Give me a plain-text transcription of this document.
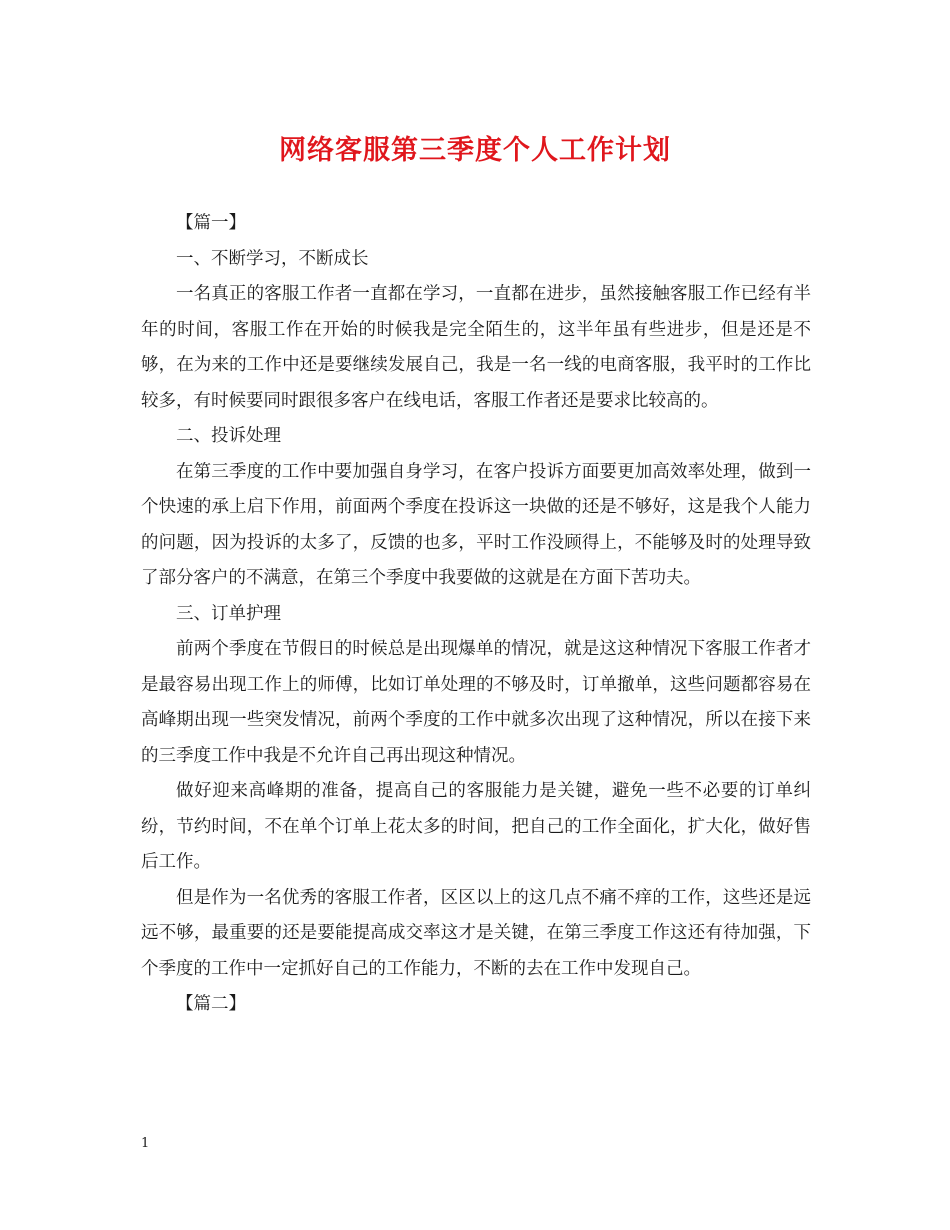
网络客服第三季度个人工作计划

【篇一】

一、不断学习，不断成长

一名真正的客服工作者一直都在学习，一直都在进步，虽然接触客服工作已经有半年的时间，客服工作在开始的时候我是完全陌生的，这半年虽有些进步，但是还是不够，在为来的工作中还是要继续发展自己，我是一名一线的电商客服，我平时的工作比较多，有时候要同时跟很多客户在线电话，客服工作者还是要求比较高的。

二、投诉处理

在第三季度的工作中要加强自身学习，在客户投诉方面要更加高效率处理，做到一个快速的承上启下作用，前面两个季度在投诉这一块做的还是不够好，这是我个人能力的问题，因为投诉的太多了，反馈的也多，平时工作没顾得上，不能够及时的处理导致了部分客户的不满意，在第三个季度中我要做的这就是在方面下苦功夫。

三、订单护理

前两个季度在节假日的时候总是出现爆单的情况，就是这这种情况下客服工作者才是最容易出现工作上的师傅，比如订单处理的不够及时，订单撤单，这些问题都容易在高峰期出现一些突发情况，前两个季度的工作中就多次出现了这种情况，所以在接下来的三季度工作中我是不允许自己再出现这种情况。

做好迎来高峰期的准备，提高自己的客服能力是关键，避免一些不必要的订单纠纷，节约时间，不在单个订单上花太多的时间，把自己的工作全面化，扩大化，做好售后工作。

但是作为一名优秀的客服工作者，区区以上的这几点不痛不痒的工作，这些还是远远不够，最重要的还是要能提高成交率这才是关键，在第三季度工作这还有待加强，下个季度的工作中一定抓好自己的工作能力，不断的去在工作中发现自己。

【篇二】

1
